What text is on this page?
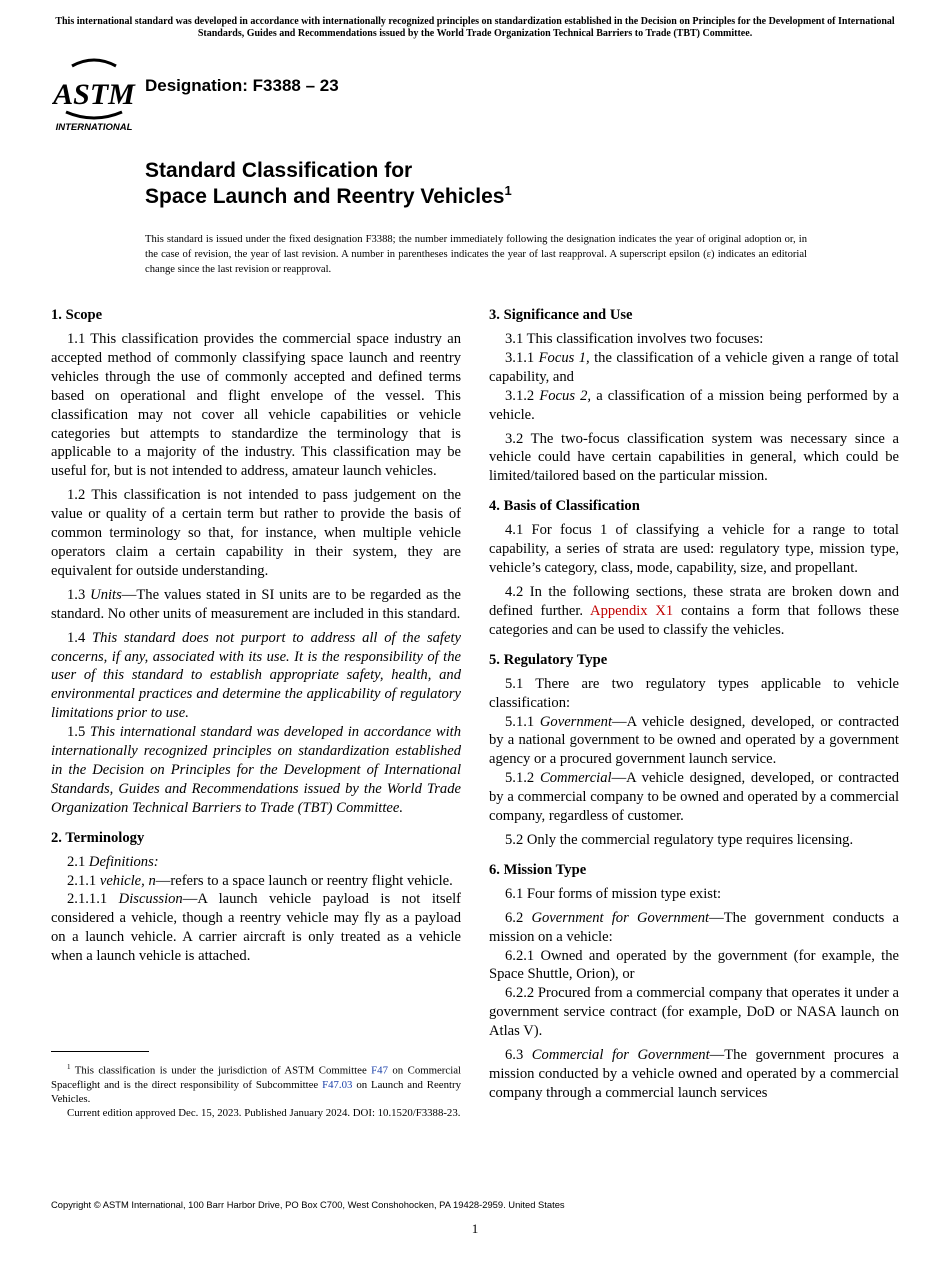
This international standard was developed in accordance with internationally recognized principles on standardization established in the Decision on Principles for the Development of International Standards, Guides and Recommendations issued by the World Trade Organization Technical Barriers to Trade (TBT) Committee.
ASTM
INTERNATIONAL
Designation: F3388 – 23
Standard Classification for
Space Launch and Reentry Vehicles$^1$
This standard is issued under the fixed designation F3388; the number immediately following the designation indicates the year of original adoption or, in the case of revision, the year of last revision. A number in parentheses indicates the year of last reapproval. A superscript epsilon (ε) indicates an editorial change since the last revision or reapproval.
1. Scope

1.1 This classification provides the commercial space industry an accepted method of commonly classifying space launch and reentry vehicles through the use of commonly accepted and defined terms based on operational and flight envelope of the vessel. This classification may not cover all vehicle capabilities or vehicle categories but attempts to standardize the terminology that is applicable to a majority of the industry. This classification may be useful for, but is not intended to address, amateur launch vehicles.

1.2 This classification is not intended to pass judgement on the value or quality of a certain term but rather to provide the basis of common terminology so that, for instance, when multiple vehicle operators claim a certain capability in their system, they are equivalent for outside understanding.

1.3 Units—The values stated in SI units are to be regarded as the standard. No other units of measurement are included in this standard.

1.4 This standard does not purport to address all of the safety concerns, if any, associated with its use. It is the responsibility of the user of this standard to establish appropriate safety, health, and environmental practices and determine the applicability of regulatory limitations prior to use.

1.5 This international standard was developed in accordance with internationally recognized principles on standardization established in the Decision on Principles for the Development of International Standards, Guides and Recommendations issued by the World Trade Organization Technical Barriers to Trade (TBT) Committee.

2. Terminology

2.1 Definitions:

2.1.1 vehicle, n—refers to a space launch or reentry flight vehicle.

2.1.1.1 Discussion—A launch vehicle payload is not itself considered a vehicle, though a reentry vehicle may fly as a payload on a launch vehicle. A carrier aircraft is only treated as a vehicle when a launch vehicle is attached.

3. Significance and Use

3.1 This classification involves two focuses:

3.1.1 Focus 1, the classification of a vehicle given a range of total capability, and

3.1.2 Focus 2, a classification of a mission being performed by a vehicle.

3.2 The two-focus classification system was necessary since a vehicle could have certain capabilities in general, which could be limited/tailored based on the particular mission.

4. Basis of Classification

4.1 For focus 1 of classifying a vehicle for a range to total capability, a series of strata are used: regulatory type, mission type, vehicle’s category, class, mode, capability, size, and propellant.

4.2 In the following sections, these strata are broken down and defined further. Appendix X1 contains a form that follows these categories and can be used to classify the vehicles.

5. Regulatory Type

5.1 There are two regulatory types applicable to vehicle classification:

5.1.1 Government—A vehicle designed, developed, or contracted by a national government to be owned and operated by a government agency or a procured government launch service.

5.1.2 Commercial—A vehicle designed, developed, or contracted by a commercial company to be owned and operated by a commercial company, regardless of customer.

5.2 Only the commercial regulatory type requires licensing.

6. Mission Type

6.1 Four forms of mission type exist:

6.2 Government for Government—The government conducts a mission on a vehicle:

6.2.1 Owned and operated by the government (for example, the Space Shuttle, Orion), or

6.2.2 Procured from a commercial company that operates it under a government service contract (for example, DoD or NASA launch on Atlas V).

6.3 Commercial for Government—The government procures a mission conducted by a vehicle owned and operated by a commercial company through a commercial launch services

$^1$ This classification is under the jurisdiction of ASTM Committee F47 on Commercial Spaceflight and is the direct responsibility of Subcommittee F47.03 on Launch and Reentry Vehicles.

Current edition approved Dec. 15, 2023. Published January 2024. DOI: 10.1520/F3388-23.

Copyright © ASTM International, 100 Barr Harbor Drive, PO Box C700, West Conshohocken, PA 19428-2959. United States
1
